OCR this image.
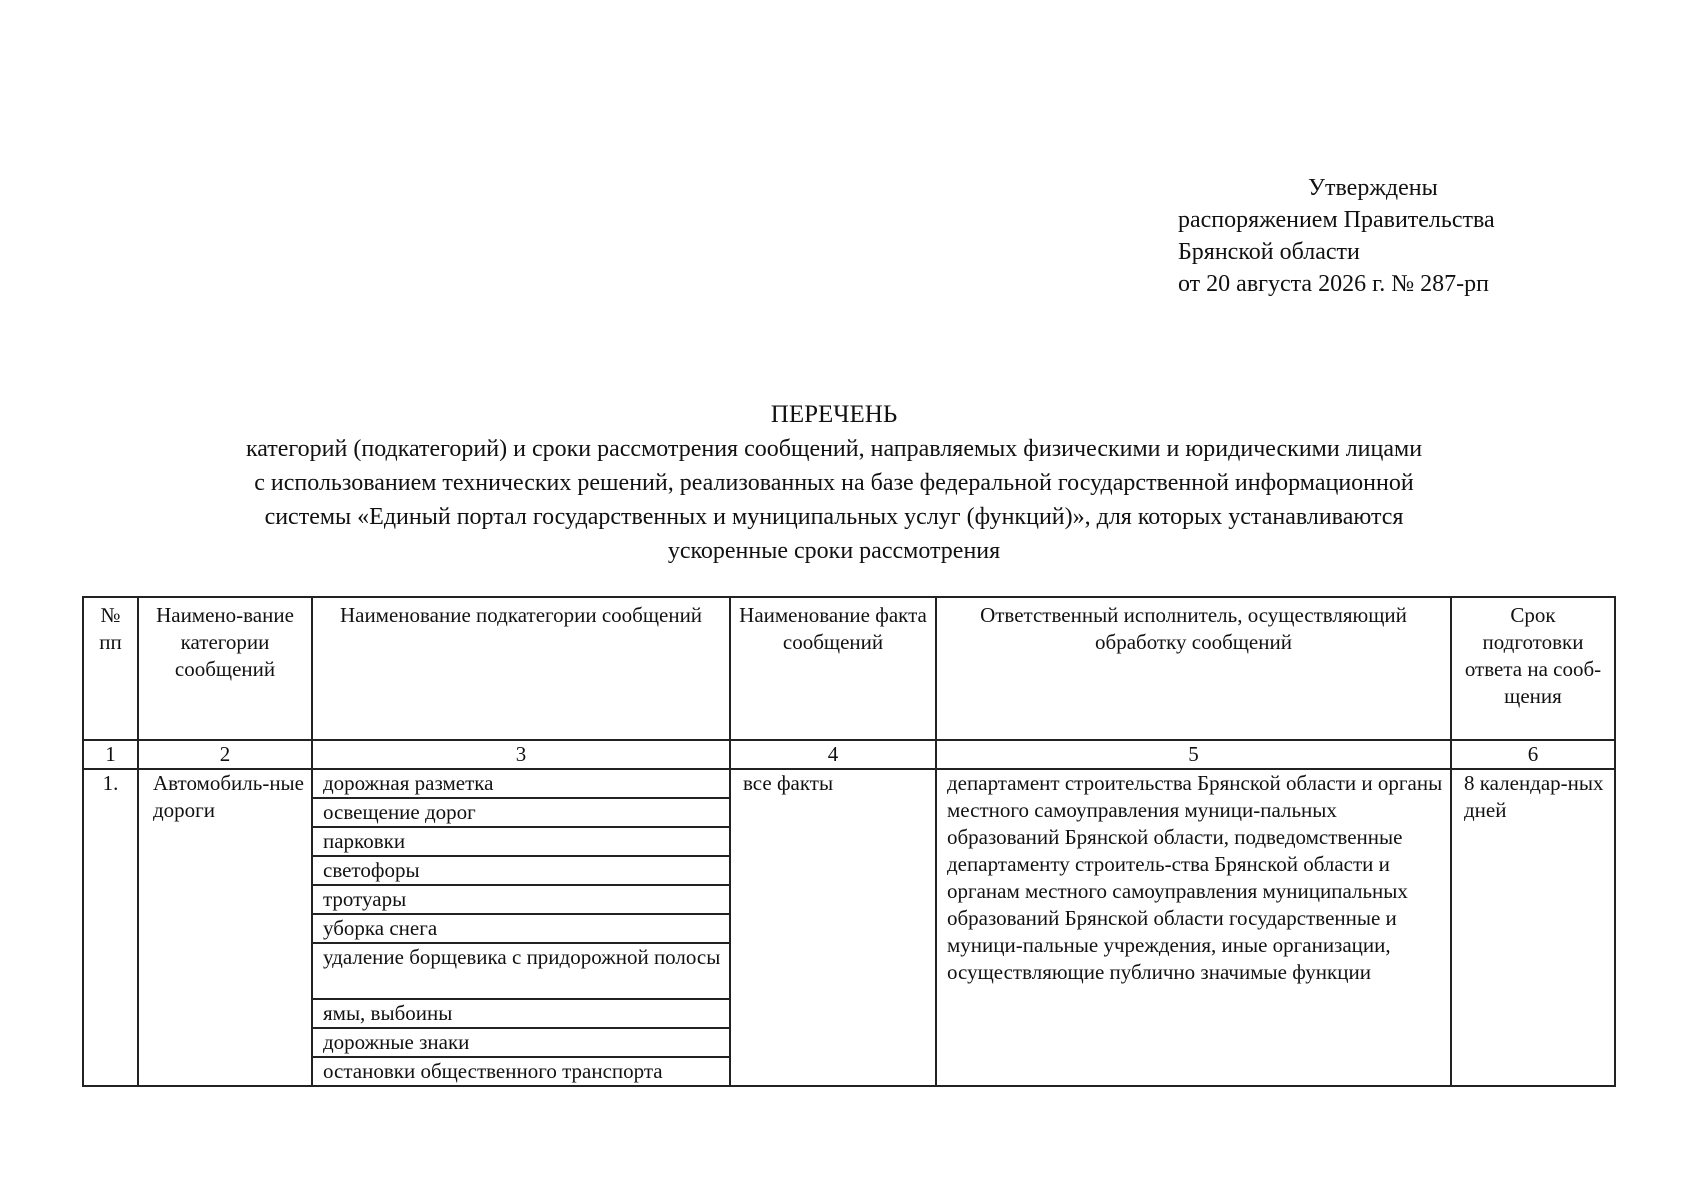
Утверждены
распоряжением Правительства
Брянской области
от 20 августа 2026 г. № 287-рп
ПЕРЕЧЕНЬ
категорий (подкатегорий) и сроки рассмотрения сообщений, направляемых физическими и юридическими лицами
с использованием технических решений, реализованных на базе федеральной государственной информационной
системы «Единый портал государственных и муниципальных услуг (функций)», для которых устанавливаются
ускоренные сроки рассмотрения
№ пп	Наимено-вание категории сообщений	Наименование подкатегории сообщений	Наименование факта сообщений	Ответственный исполнитель, осуществляющий обработку сообщений	Срок подготовки ответа на сооб-щения
1	2	3	4	5	6
1.	Автомобиль-ные дороги	дорожная разметка	все факты	департамент строительства Брянской области и органы местного самоуправления муници-пальных образований Брянской области, подведомственные департаменту строитель-ства Брянской области и органам местного самоуправления муниципальных образований Брянской области государственные и муници-пальные учреждения, иные организации, осуществляющие публично значимые функции	8 календар-ных дней
		освещение дорог			
		парковки			
		светофоры			
		тротуары			
		уборка снега			
		удаление борщевика с придорожной полосы			
		ямы, выбоины			
		дорожные знаки			
		остановки общественного транспорта			
